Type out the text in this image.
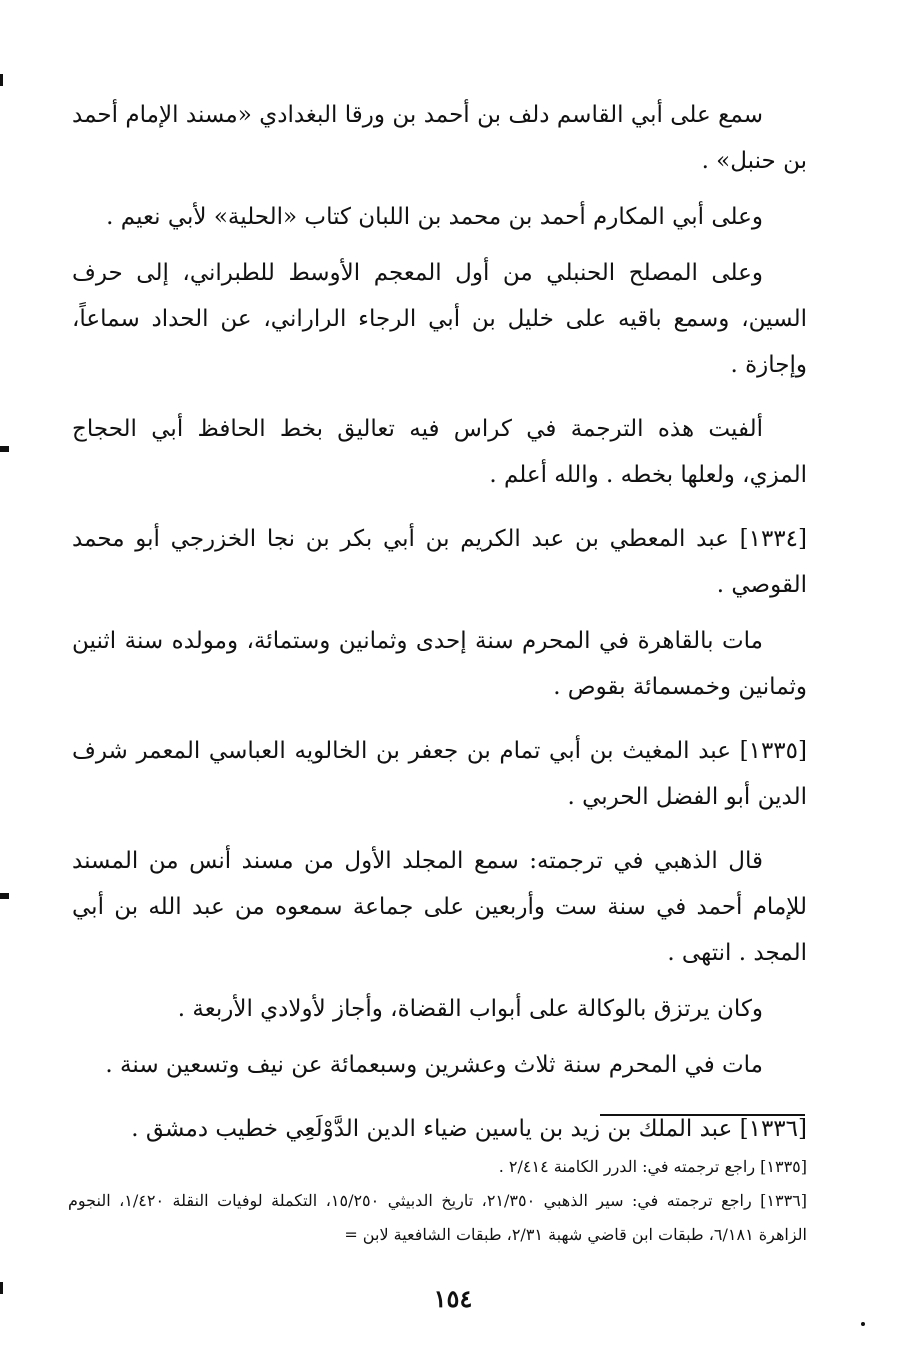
سمع على أبي القاسم دلف بن أحمد بن ورقا البغدادي «مسند الإمام أحمد بن حنبل» .

وعلى أبي المكارم أحمد بن محمد بن اللبان كتاب «الحلية» لأبي نعيم .

وعلى المصلح الحنبلي من أول المعجم الأوسط للطبراني، إلى حرف السين، وسمع باقيه على خليل بن أبي الرجاء الراراني، عن الحداد سماعاً، وإجازة .

ألفيت هذه الترجمة في كراس فيه تعاليق بخط الحافظ أبي الحجاج المزي، ولعلها بخطه . والله أعلم .

[١٣٣٤] عبد المعطي بن عبد الكريم بن أبي بكر بن نجا الخزرجي أبو محمد القوصي .

مات بالقاهرة في المحرم سنة إحدى وثمانين وستمائة، ومولده سنة اثنين وثمانين وخمسمائة بقوص .

[١٣٣٥] عبد المغيث بن أبي تمام بن جعفر بن الخالويه العباسي المعمر شرف الدين أبو الفضل الحربي .

قال الذهبي في ترجمته: سمع المجلد الأول من مسند أنس من المسند للإمام أحمد في سنة ست وأربعين على جماعة سمعوه من عبد الله بن أبي المجد . انتهى .

وكان يرتزق بالوكالة على أبواب القضاة، وأجاز لأولادي الأربعة .

مات في المحرم سنة ثلاث وعشرين وسبعمائة عن نيف وتسعين سنة .

[١٣٣٦] عبد الملك بن زيد بن ياسين ضياء الدين الدَّوْلَعِي خطيب دمشق .

[١٣٣٥] راجع ترجمته في: الدرر الكامنة ٢/٤١٤ .

[١٣٣٦] راجع ترجمته في: سير الذهبي ٢١/٣٥٠، تاريخ الدبيثي ١٥/٢٥٠، التكملة لوفيات النقلة ١/٤٢٠، النجوم الزاهرة ٦/١٨١، طبقات ابن قاضي شهبة ٢/٣١، طبقات الشافعية لابن =

١٥٤
